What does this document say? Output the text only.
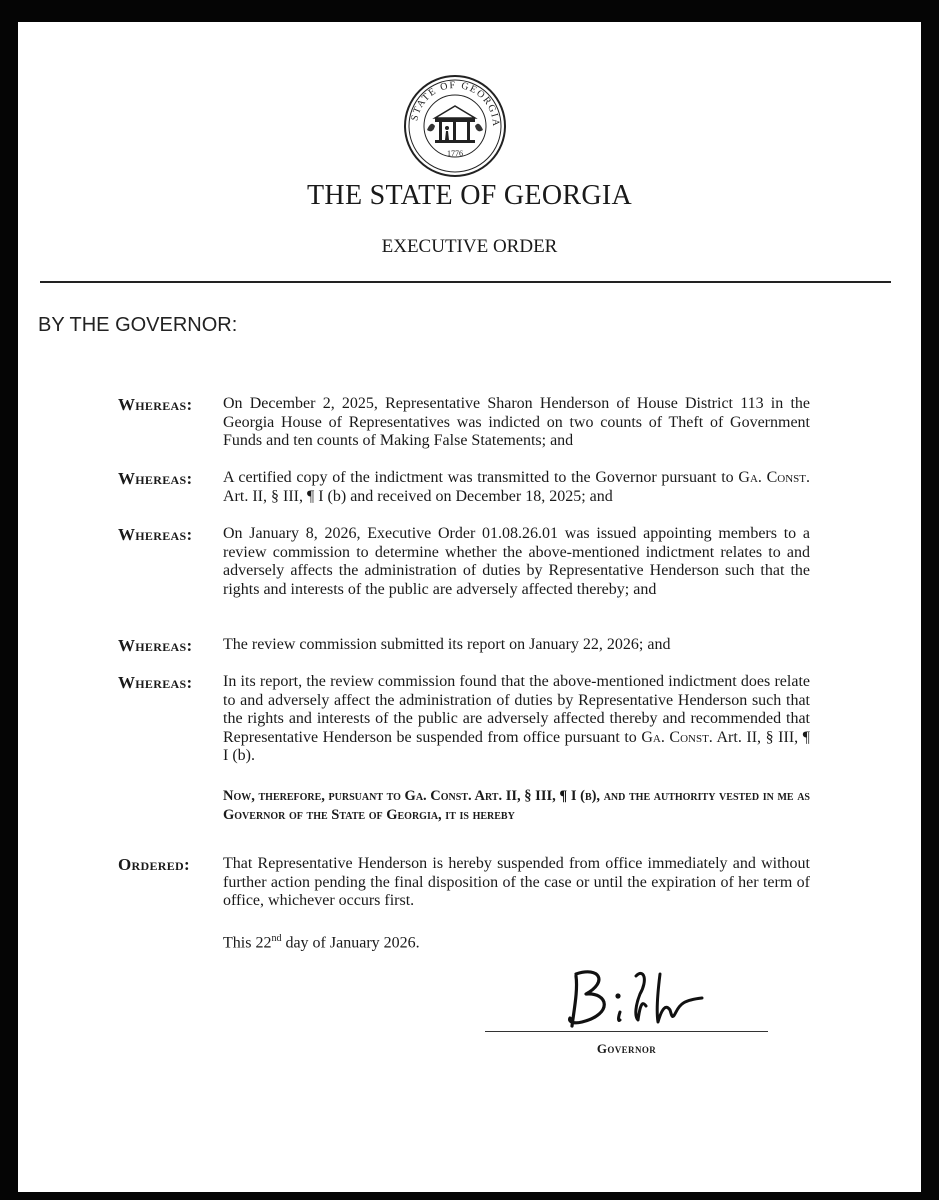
STATE OF GEORGIA
1776
THE STATE OF GEORGIA
EXECUTIVE ORDER
BY THE GOVERNOR:
Whereas: On December 2, 2025, Representative Sharon Henderson of House District 113 in the Georgia House of Representatives was indicted on two counts of Theft of Government Funds and ten counts of Making False Statements; and
Whereas: A certified copy of the indictment was transmitted to the Governor pursuant to Ga. Const. Art. II, § III, ¶ I (b) and received on December 18, 2025; and
Whereas: On January 8, 2026, Executive Order 01.08.26.01 was issued appointing members to a review commission to determine whether the above-mentioned indictment relates to and adversely affects the administration of duties by Representative Henderson such that the rights and interests of the public are adversely affected thereby; and
Whereas: The review commission submitted its report on January 22, 2026; and
Whereas: In its report, the review commission found that the above-mentioned indictment does relate to and adversely affect the administration of duties by Representative Henderson such that the rights and interests of the public are adversely affected thereby and recommended that Representative Henderson be suspended from office pursuant to Ga. Const. Art. II, § III, ¶ I (b).
Now, therefore, pursuant to Ga. Const. Art. II, § III, ¶ I (b), and the authority vested in me as Governor of the State of Georgia, it is hereby
Ordered: That Representative Henderson is hereby suspended from office immediately and without further action pending the final disposition of the case or until the expiration of her term of office, whichever occurs first.
This 22nd day of January 2026.
Governor
